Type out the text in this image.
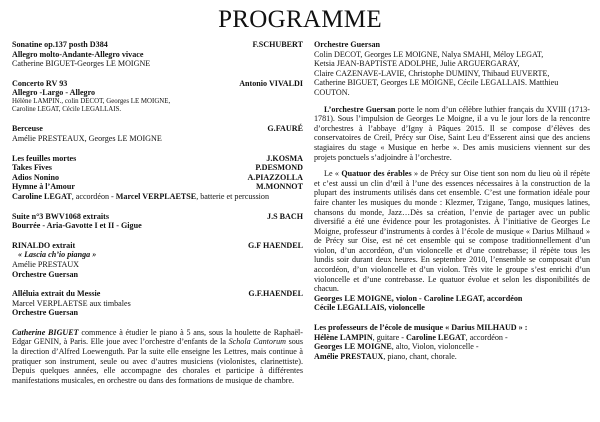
PROGRAMME
Sonatine op.137 posth D384	F.SCHUBERT
Allegro molto-Andante-Allegro vivace
Catherine BIGUET-Georges LE MOIGNE
Concerto RV 93	Antonio VIVALDI
Allegro -Largo - Allegro
Hélène LAMPIN., colin DECOT, Georges LE MOIGNE,
Caroline LEGAT, Cécile LEGALLAIS.
Berceuse	G.FAURÉ
Amélie PRESTEAUX, Georges LE MOIGNE
Les feuilles mortes	J.KOSMA
Takes Fives	P.DESMOND
Adios Nonino	A.PIAZZOLLA
Hymne à l’Amour	M.MONNOT
Caroline LEGAT, accordéon - Marcel VERPLAETSE, batterie et percussion
Suite n°3 BWV1068 extraits	J.S BACH
Bourrée - Aria-Gavotte I et II - Gigue
RINALDO extrait	G.F HAENDEL
« Lascia ch’io pianga »
Amélie PRESTAUX
Orchestre Guersan
Alléluia extrait du Messie	G.F.HAENDEL
Marcel VERPLAETSE aux timbales
Orchestre Guersan

Catherine BIGUET commence à étudier le piano à 5 ans, sous la houlette de Raphaël-Edgar GENIN, à Paris. Elle joue avec l’orchestre d’enfants de la Schola Cantorum sous la direction d’Alfred Loewenguth. Par la suite elle enseigne les Lettres, mais continue à pratiquer son instrument, seule ou avec d’autres musiciens (violonistes, clarinettiste). Depuis quelques années, elle accompagne des chorales et participe à différentes manifestations musicales, en orchestre ou dans des formations de musique de chambre.

Orchestre Guersan
Colin DECOT, Georges LE MOIGNE, Nalya SMAHI, Méloy LEGAT,
Ketsia JEAN-BAPTISTE ADOLPHE, Julie ARGUERGARAY,
Claire CAZENAVE-LAVIE, Christophe DUMINY, Thibaud EUVERTE,
Catherine BIGUET, Georges LE MOIGNE, Cécile LEGALLAIS. Matthieu COUTON.

L’orchestre Guersan porte le nom d’un célèbre luthier français du XVIII (1713-1781). Sous l’impulsion de Georges Le Moigne, il a vu le jour lors de la rencontre d’orchestres à l’abbaye d’Igny à Pâques 2015. Il se compose d’élèves des conservatoires de Creil, Précy sur Oise, Saint Leu d’Esserent ainsi que des anciens stagiaires du stage « Musique en herbe ». Des amis musiciens viennent sur des projets ponctuels s’adjoindre à l’orchestre.

Le « Quatuor des érables » de Précy sur Oise tient son nom du lieu où il répète et c’est aussi un clin d’œil à l’une des essences nécessaires à la construction de la plupart des instruments utilisés dans cet ensemble. C’est une formation idéale pour faire chanter les musiques du monde : Klezmer, Tzigane, Tango, musiques latines, chansons du monde, Jazz…Dès sa création, l’envie de partager avec un public diversifié a été une évidence pour les protagonistes. À l’initiative de Georges Le Moigne, professeur d’instruments à cordes à l’école de musique « Darius Milhaud » de Précy sur Oise, est né cet ensemble qui se compose traditionnellement d’un violon, d’un accordéon, d’un violoncelle et d’une contrebasse; il répète tous les lundis soir durant deux heures. En septembre 2010, l’ensemble se composait d’un accordéon, d’un violoncelle et d’un violon. Très vite le groupe s’est enrichi d’un violoncelle et d’une contrebasse. Le quatuor évolue et selon les disponibilités de chacun.

Georges LE MOIGNE, violon - Caroline LEGAT, accordéon
Cécile LEGALLAIS, violoncelle
Les professeurs de l’école de musique « Darius MILHAUD » :
Hélène LAMPIN, guitare - Caroline LEGAT, accordéon -
Georges LE MOIGNE, alto, Violon, violoncelle -
Amélie PRESTAUX, piano, chant, chorale.
